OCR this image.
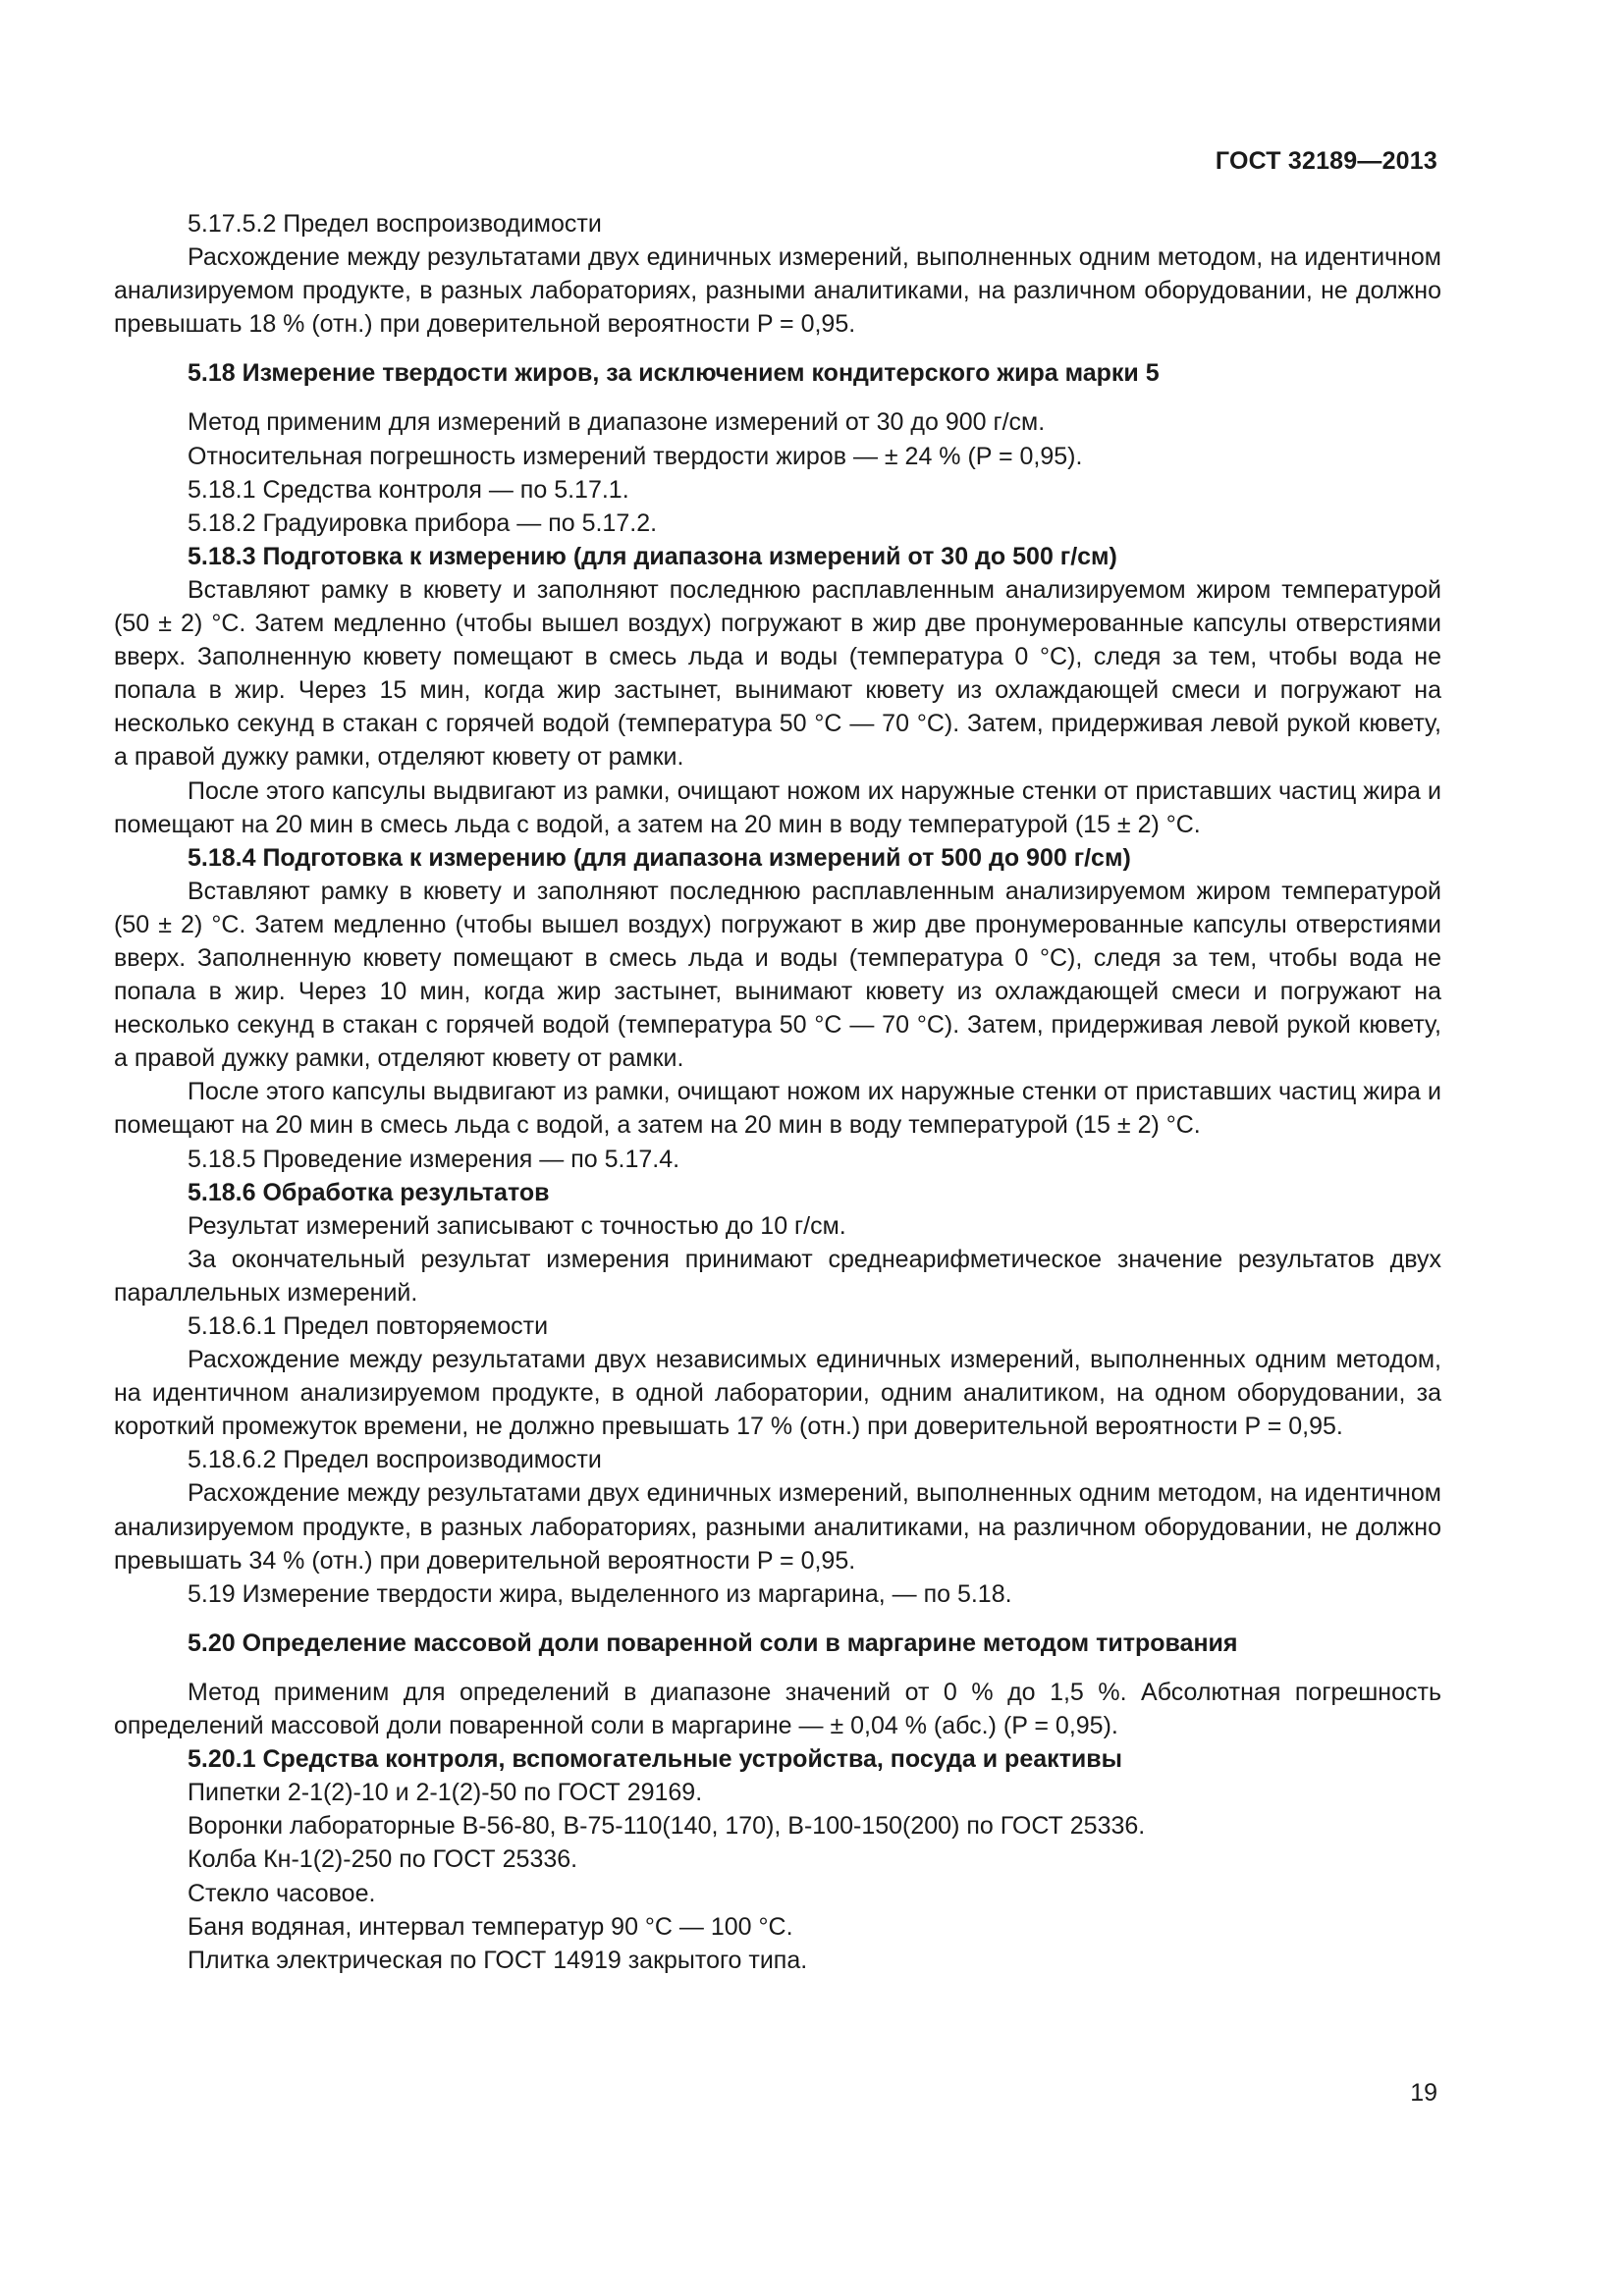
ГОСТ 32189—2013

5.17.5.2 Предел воспроизводимости

Расхождение между результатами двух единичных измерений, выполненных одним методом, на идентичном анализируемом продукте, в разных лабораториях, разными аналитиками, на различном оборудовании, не должно превышать 18 % (отн.) при доверительной вероятности P = 0,95.

5.18 Измерение твердости жиров, за исключением кондитерского жира марки 5

Метод применим для измерений в диапазоне измерений от 30 до 900 г/см.

Относительная погрешность измерений твердости жиров — ± 24 % (P = 0,95).

5.18.1 Средства контроля — по 5.17.1.

5.18.2 Градуировка прибора — по 5.17.2.

5.18.3 Подготовка к измерению (для диапазона измерений от 30 до 500 г/см)

Вставляют рамку в кювету и заполняют последнюю расплавленным анализируемом жиром температурой (50 ± 2) °С. Затем медленно (чтобы вышел воздух) погружают в жир две пронумерованные капсулы отверстиями вверх. Заполненную кювету помещают в смесь льда и воды (температура 0 °С), следя за тем, чтобы вода не попала в жир. Через 15 мин, когда жир застынет, вынимают кювету из охлаждающей смеси и погружают на несколько секунд в стакан с горячей водой (температура 50 °С — 70 °С). Затем, придерживая левой рукой кювету, а правой дужку рамки, отделяют кювету от рамки.

После этого капсулы выдвигают из рамки, очищают ножом их наружные стенки от приставших частиц жира и помещают на 20 мин в смесь льда с водой, а затем на 20 мин в воду температурой (15 ± 2) °С.

5.18.4 Подготовка к измерению (для диапазона измерений от 500 до 900 г/см)

Вставляют рамку в кювету и заполняют последнюю расплавленным анализируемом жиром температурой (50 ± 2) °С. Затем медленно (чтобы вышел воздух) погружают в жир две пронумерованные капсулы отверстиями вверх. Заполненную кювету помещают в смесь льда и воды (температура 0 °С), следя за тем, чтобы вода не попала в жир. Через 10 мин, когда жир застынет, вынимают кювету из охлаждающей смеси и погружают на несколько секунд в стакан с горячей водой (температура 50 °С — 70 °С). Затем, придерживая левой рукой кювету, а правой дужку рамки, отделяют кювету от рамки.

После этого капсулы выдвигают из рамки, очищают ножом их наружные стенки от приставших частиц жира и помещают на 20 мин в смесь льда с водой, а затем на 20 мин в воду температурой (15 ± 2) °С.

5.18.5 Проведение измерения — по 5.17.4.

5.18.6 Обработка результатов

Результат измерений записывают с точностью до 10 г/см.

За окончательный результат измерения принимают среднеарифметическое значение результатов двух параллельных измерений.

5.18.6.1 Предел повторяемости

Расхождение между результатами двух независимых единичных измерений, выполненных одним методом, на идентичном анализируемом продукте, в одной лаборатории, одним аналитиком, на одном оборудовании, за короткий промежуток времени, не должно превышать 17 % (отн.) при доверительной вероятности P = 0,95.

5.18.6.2 Предел воспроизводимости

Расхождение между результатами двух единичных измерений, выполненных одним методом, на идентичном анализируемом продукте, в разных лабораториях, разными аналитиками, на различном оборудовании, не должно превышать 34 % (отн.) при доверительной вероятности P = 0,95.

5.19 Измерение твердости жира, выделенного из маргарина, — по 5.18.

5.20 Определение массовой доли поваренной соли в маргарине методом титрования

Метод применим для определений в диапазоне значений от 0 % до 1,5 %. Абсолютная погрешность определений массовой доли поваренной соли в маргарине — ± 0,04 % (абс.) (P = 0,95).

5.20.1 Средства контроля, вспомогательные устройства, посуда и реактивы

Пипетки 2-1(2)-10 и 2-1(2)-50 по ГОСТ 29169.

Воронки лабораторные В-56-80, В-75-110(140, 170), В-100-150(200) по ГОСТ 25336.

Колба Кн-1(2)-250 по ГОСТ 25336.

Стекло часовое.

Баня водяная, интервал температур 90 °С — 100 °С.

Плитка электрическая по ГОСТ 14919 закрытого типа.

19
